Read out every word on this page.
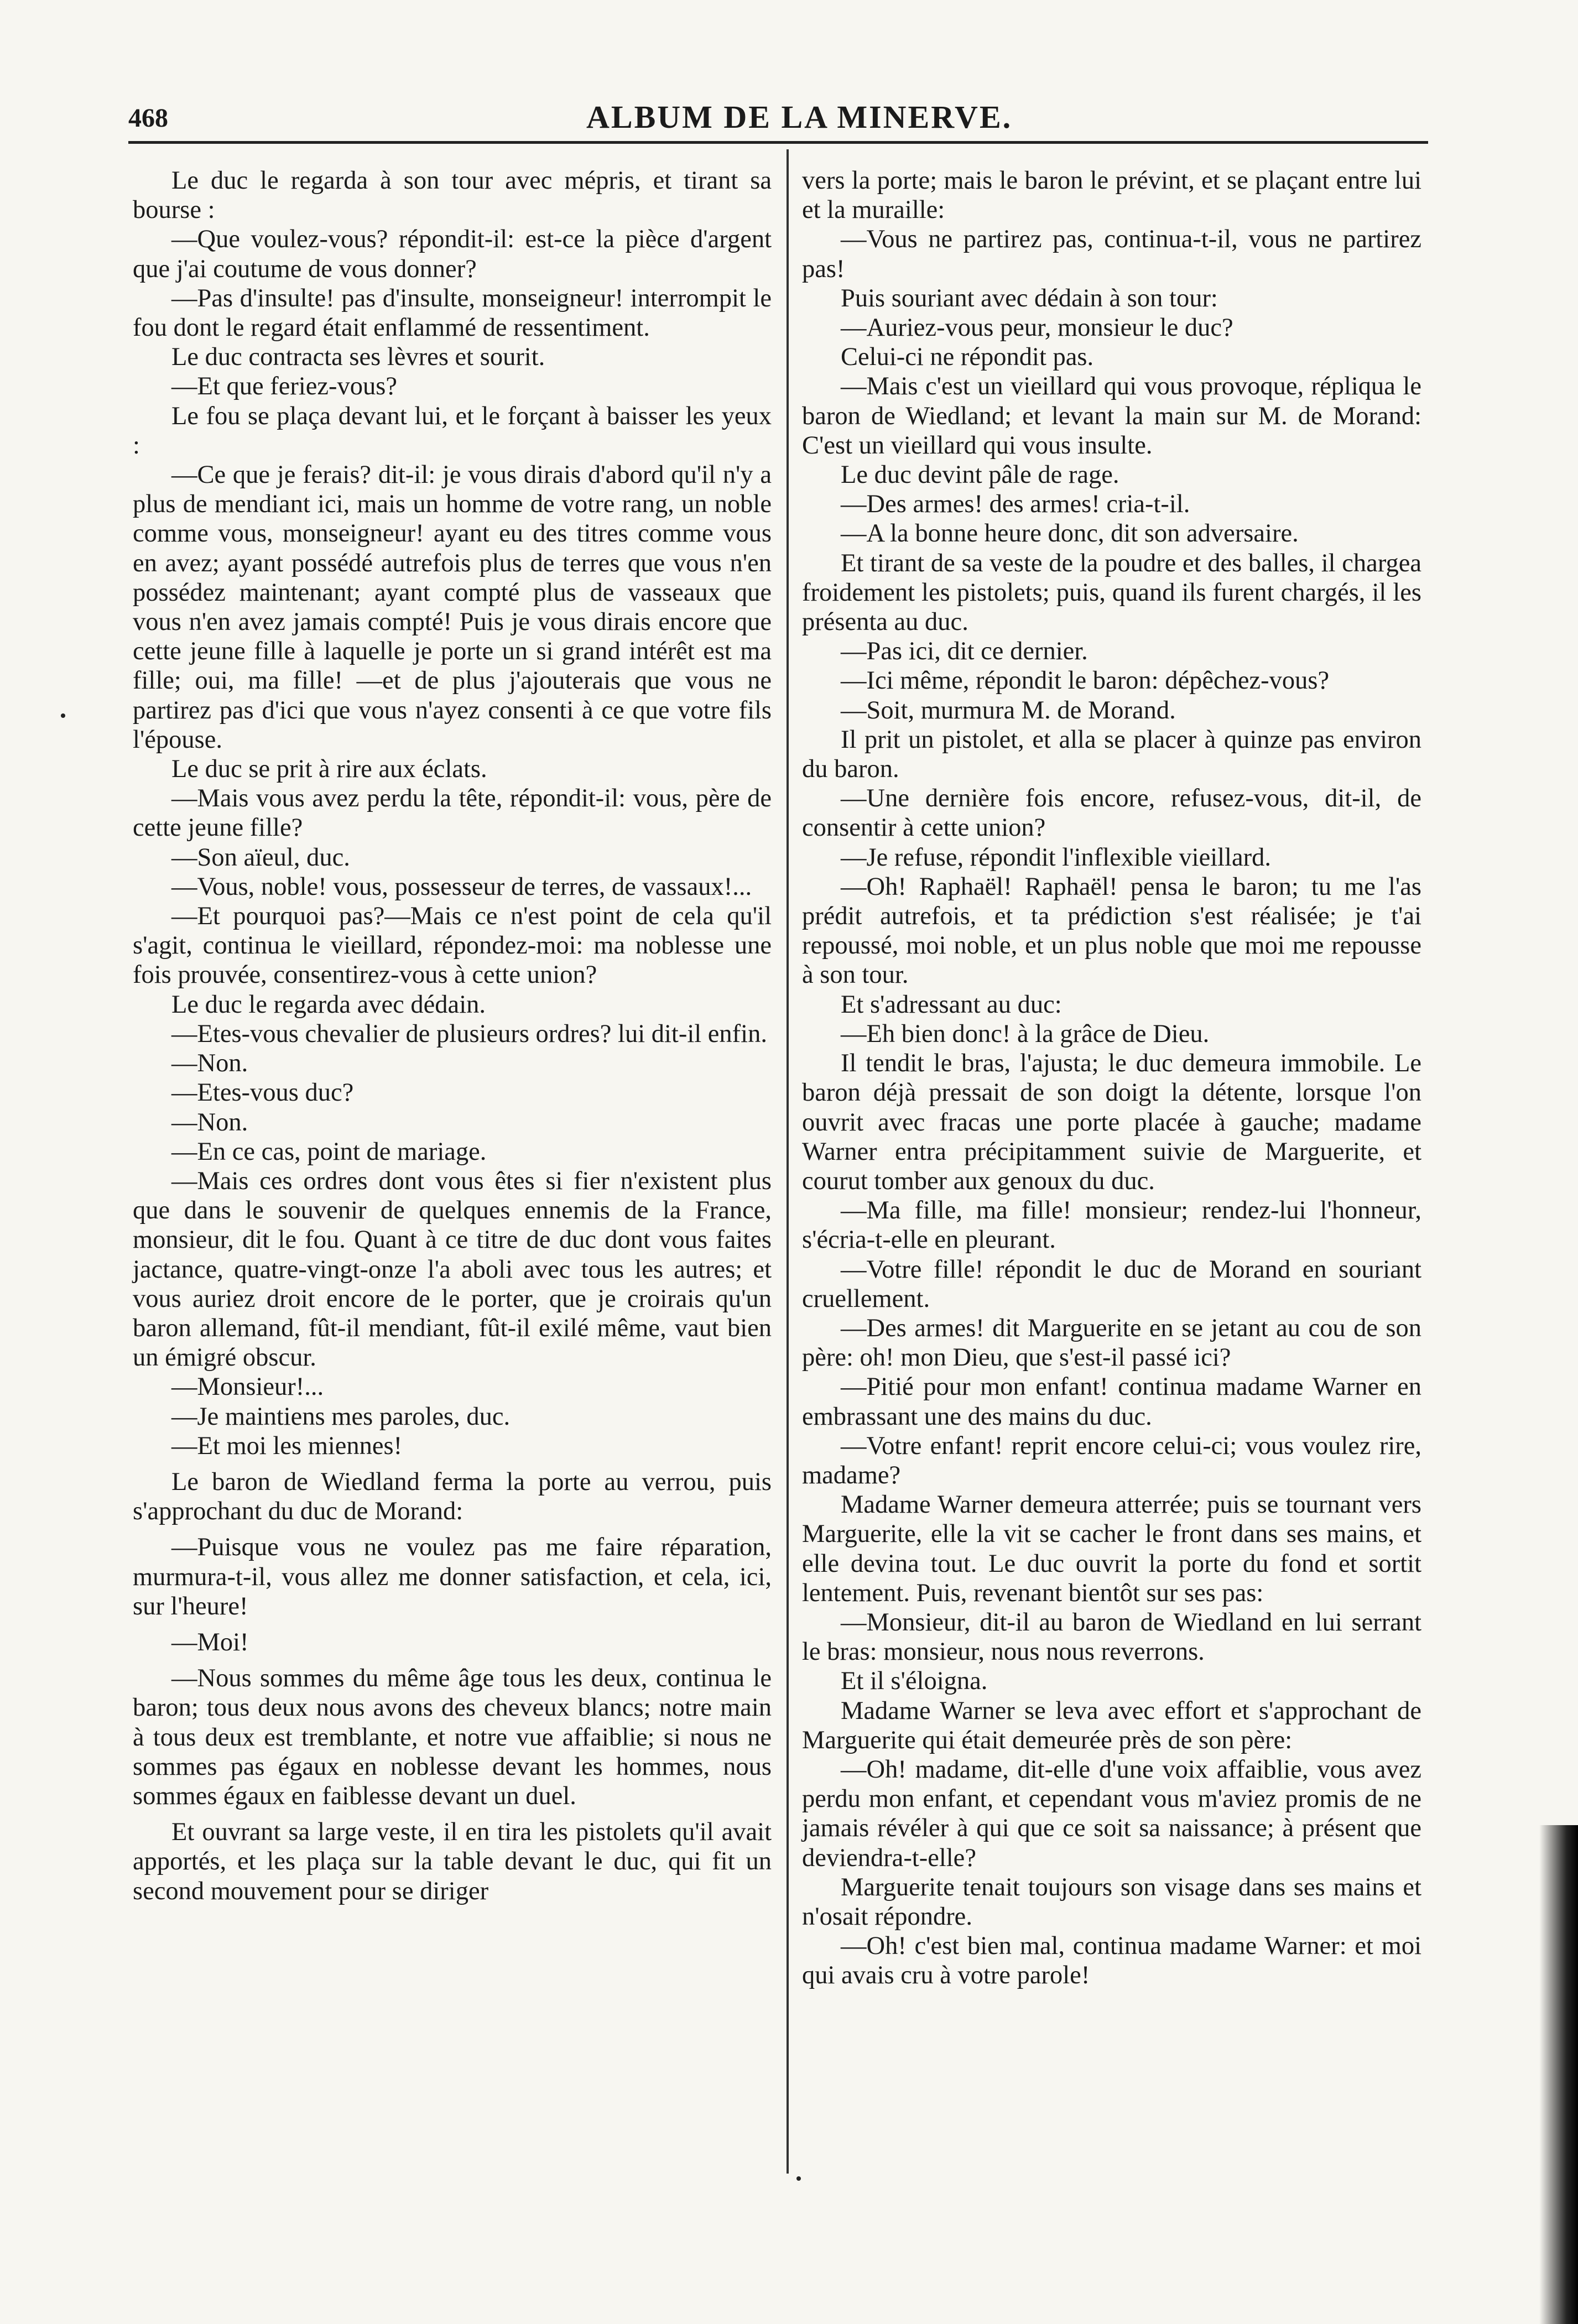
468	ALBUM DE LA MINERVE.

Le duc le regarda à son tour avec mépris, et tirant sa bourse :

—Que voulez-vous? répondit-il: est-ce la pièce d'argent que j'ai coutume de vous donner?

—Pas d'insulte! pas d'insulte, monseigneur! interrompit le fou dont le regard était enflammé de ressentiment.

Le duc contracta ses lèvres et sourit.

—Et que feriez-vous?

Le fou se plaça devant lui, et le forçant à baisser les yeux :

—Ce que je ferais? dit-il: je vous dirais d'abord qu'il n'y a plus de mendiant ici, mais un homme de votre rang, un noble comme vous, monseigneur! ayant eu des titres comme vous en avez; ayant possédé autrefois plus de terres que vous n'en possédez maintenant; ayant compté plus de vasseaux que vous n'en avez jamais compté! Puis je vous dirais encore que cette jeune fille à laquelle je porte un si grand intérêt est ma fille; oui, ma fille! —et de plus j'ajouterais que vous ne partirez pas d'ici que vous n'ayez consenti à ce que votre fils l'épouse.

Le duc se prit à rire aux éclats.

—Mais vous avez perdu la tête, répondit-il: vous, père de cette jeune fille?

—Son aïeul, duc.

—Vous, noble! vous, possesseur de terres, de vassaux!...

—Et pourquoi pas?—Mais ce n'est point de cela qu'il s'agit, continua le vieillard, répondez-moi: ma noblesse une fois prouvée, consentirez-vous à cette union?

Le duc le regarda avec dédain.

—Etes-vous chevalier de plusieurs ordres? lui dit-il enfin.

—Non.

—Etes-vous duc?

—Non.

—En ce cas, point de mariage.

—Mais ces ordres dont vous êtes si fier n'existent plus que dans le souvenir de quelques ennemis de la France, monsieur, dit le fou. Quant à ce titre de duc dont vous faites jactance, quatre-vingt-onze l'a aboli avec tous les autres; et vous auriez droit encore de le porter, que je croirais qu'un baron allemand, fût-il mendiant, fût-il exilé même, vaut bien un émigré obscur.

—Monsieur!...

—Je maintiens mes paroles, duc.

—Et moi les miennes!

Le baron de Wiedland ferma la porte au verrou, puis s'approchant du duc de Morand:

—Puisque vous ne voulez pas me faire réparation, murmura-t-il, vous allez me donner satisfaction, et cela, ici, sur l'heure!

—Moi!

—Nous sommes du même âge tous les deux, continua le baron; tous deux nous avons des cheveux blancs; notre main à tous deux est tremblante, et notre vue affaiblie; si nous ne sommes pas égaux en noblesse devant les hommes, nous sommes égaux en faiblesse devant un duel.

Et ouvrant sa large veste, il en tira les pistolets qu'il avait apportés, et les plaça sur la table devant le duc, qui fit un second mouvement pour se diriger

vers la porte; mais le baron le prévint, et se plaçant entre lui et la muraille:

—Vous ne partirez pas, continua-t-il, vous ne partirez pas!

Puis souriant avec dédain à son tour:

—Auriez-vous peur, monsieur le duc?

Celui-ci ne répondit pas.

—Mais c'est un vieillard qui vous provoque, répliqua le baron de Wiedland; et levant la main sur M. de Morand: C'est un vieillard qui vous insulte.

Le duc devint pâle de rage.

—Des armes! des armes! cria-t-il.

—A la bonne heure donc, dit son adversaire.

Et tirant de sa veste de la poudre et des balles, il chargea froidement les pistolets; puis, quand ils furent chargés, il les présenta au duc.

—Pas ici, dit ce dernier.

—Ici même, répondit le baron: dépêchez-vous?

—Soit, murmura M. de Morand.

Il prit un pistolet, et alla se placer à quinze pas environ du baron.

—Une dernière fois encore, refusez-vous, dit-il, de consentir à cette union?

—Je refuse, répondit l'inflexible vieillard.

—Oh! Raphaël! Raphaël! pensa le baron; tu me l'as prédit autrefois, et ta prédiction s'est réalisée; je t'ai repoussé, moi noble, et un plus noble que moi me repousse à son tour.

Et s'adressant au duc:

—Eh bien donc! à la grâce de Dieu.

Il tendit le bras, l'ajusta; le duc demeura immobile. Le baron déjà pressait de son doigt la détente, lorsque l'on ouvrit avec fracas une porte placée à gauche; madame Warner entra précipitamment suivie de Marguerite, et courut tomber aux genoux du duc.

—Ma fille, ma fille! monsieur; rendez-lui l'honneur, s'écria-t-elle en pleurant.

—Votre fille! répondit le duc de Morand en souriant cruellement.

—Des armes! dit Marguerite en se jetant au cou de son père: oh! mon Dieu, que s'est-il passé ici?

—Pitié pour mon enfant! continua madame Warner en embrassant une des mains du duc.

—Votre enfant! reprit encore celui-ci; vous voulez rire, madame?

Madame Warner demeura atterrée; puis se tournant vers Marguerite, elle la vit se cacher le front dans ses mains, et elle devina tout. Le duc ouvrit la porte du fond et sortit lentement. Puis, revenant bientôt sur ses pas:

—Monsieur, dit-il au baron de Wiedland en lui serrant le bras: monsieur, nous nous reverrons.

Et il s'éloigna.

Madame Warner se leva avec effort et s'approchant de Marguerite qui était demeurée près de son père:

—Oh! madame, dit-elle d'une voix affaiblie, vous avez perdu mon enfant, et cependant vous m'aviez promis de ne jamais révéler à qui que ce soit sa naissance; à présent que deviendra-t-elle?

Marguerite tenait toujours son visage dans ses mains et n'osait répondre.

—Oh! c'est bien mal, continua madame Warner: et moi qui avais cru à votre parole!
